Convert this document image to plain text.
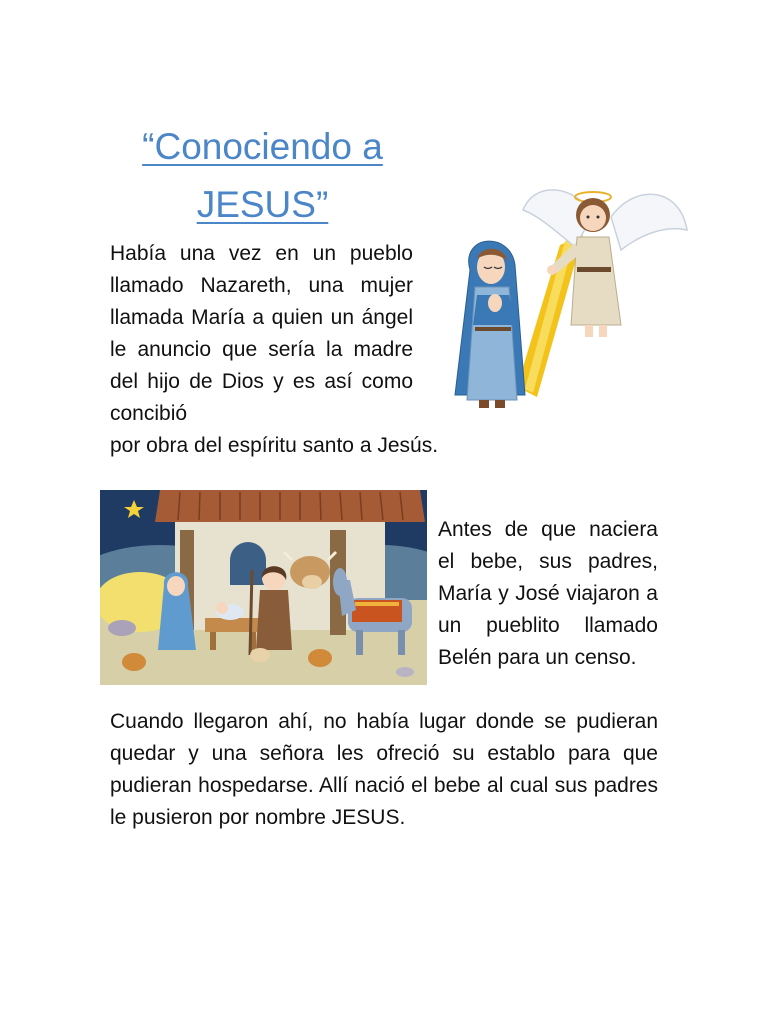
“Conociendo a
JESUS”

Había una vez en un pueblo llamado Nazareth, una mujer llamada María a quien un ángel le anuncio que sería la madre del hijo de Dios y es así como concibió

por obra del espíritu santo a Jesús.

Antes de que naciera el bebe, sus padres, María y José viajaron a un pueblito llamado Belén para un censo.

Cuando llegaron ahí, no había lugar donde se pudieran quedar y una señora les ofreció su establo para que pudieran hospedarse. Allí nació el bebe al cual sus padres le pusieron por nombre JESUS.
